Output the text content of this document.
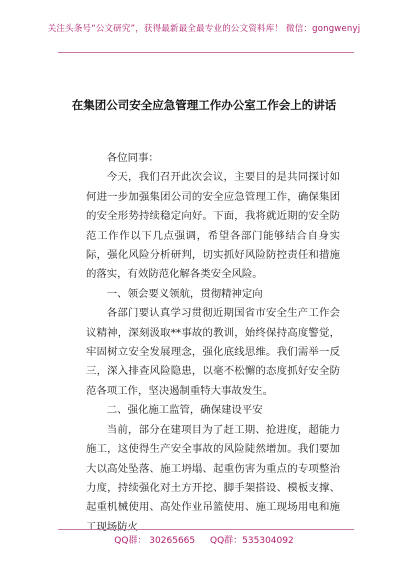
关注头条号“公文研究”，获得最新最全最专业的公文资料库！ 微信：gongwenyj
在集团公司安全应急管理工作办公室工作会上的讲话

各位同事：

今天，我们召开此次会议，主要目的是共同探讨如何进一步加强集团公司的安全应急管理工作，确保集团的安全形势持续稳定向好。下面，我将就近期的安全防范工作作以下几点强调，希望各部门能够结合自身实际，强化风险分析研判，切实抓好风险防控责任和措施的落实，有效防范化解各类安全风险。

一、领会要义领航，贯彻精神定向

各部门要认真学习贯彻近期国省市安全生产工作会议精神，深刻汲取**事故的教训，始终保持高度警觉，牢固树立安全发展理念，强化底线思维。我们需举一反三，深入排查风险隐患，以毫不松懈的态度抓好安全防范各项工作，坚决遏制重特大事故发生。

二、强化施工监管，确保建设平安

当前，部分在建项目为了赶工期、抢进度，超能力施工，这使得生产安全事故的风险陡然增加。我们要加大以高处坠落、施工坍塌、起重伤害为重点的专项整治力度，持续强化对土方开挖、脚手架搭设、模板支撑、起重机械使用、高处作业吊篮使用、施工现场用电和施工现场防火

QQ群： 30265665 QQ群：535304092
